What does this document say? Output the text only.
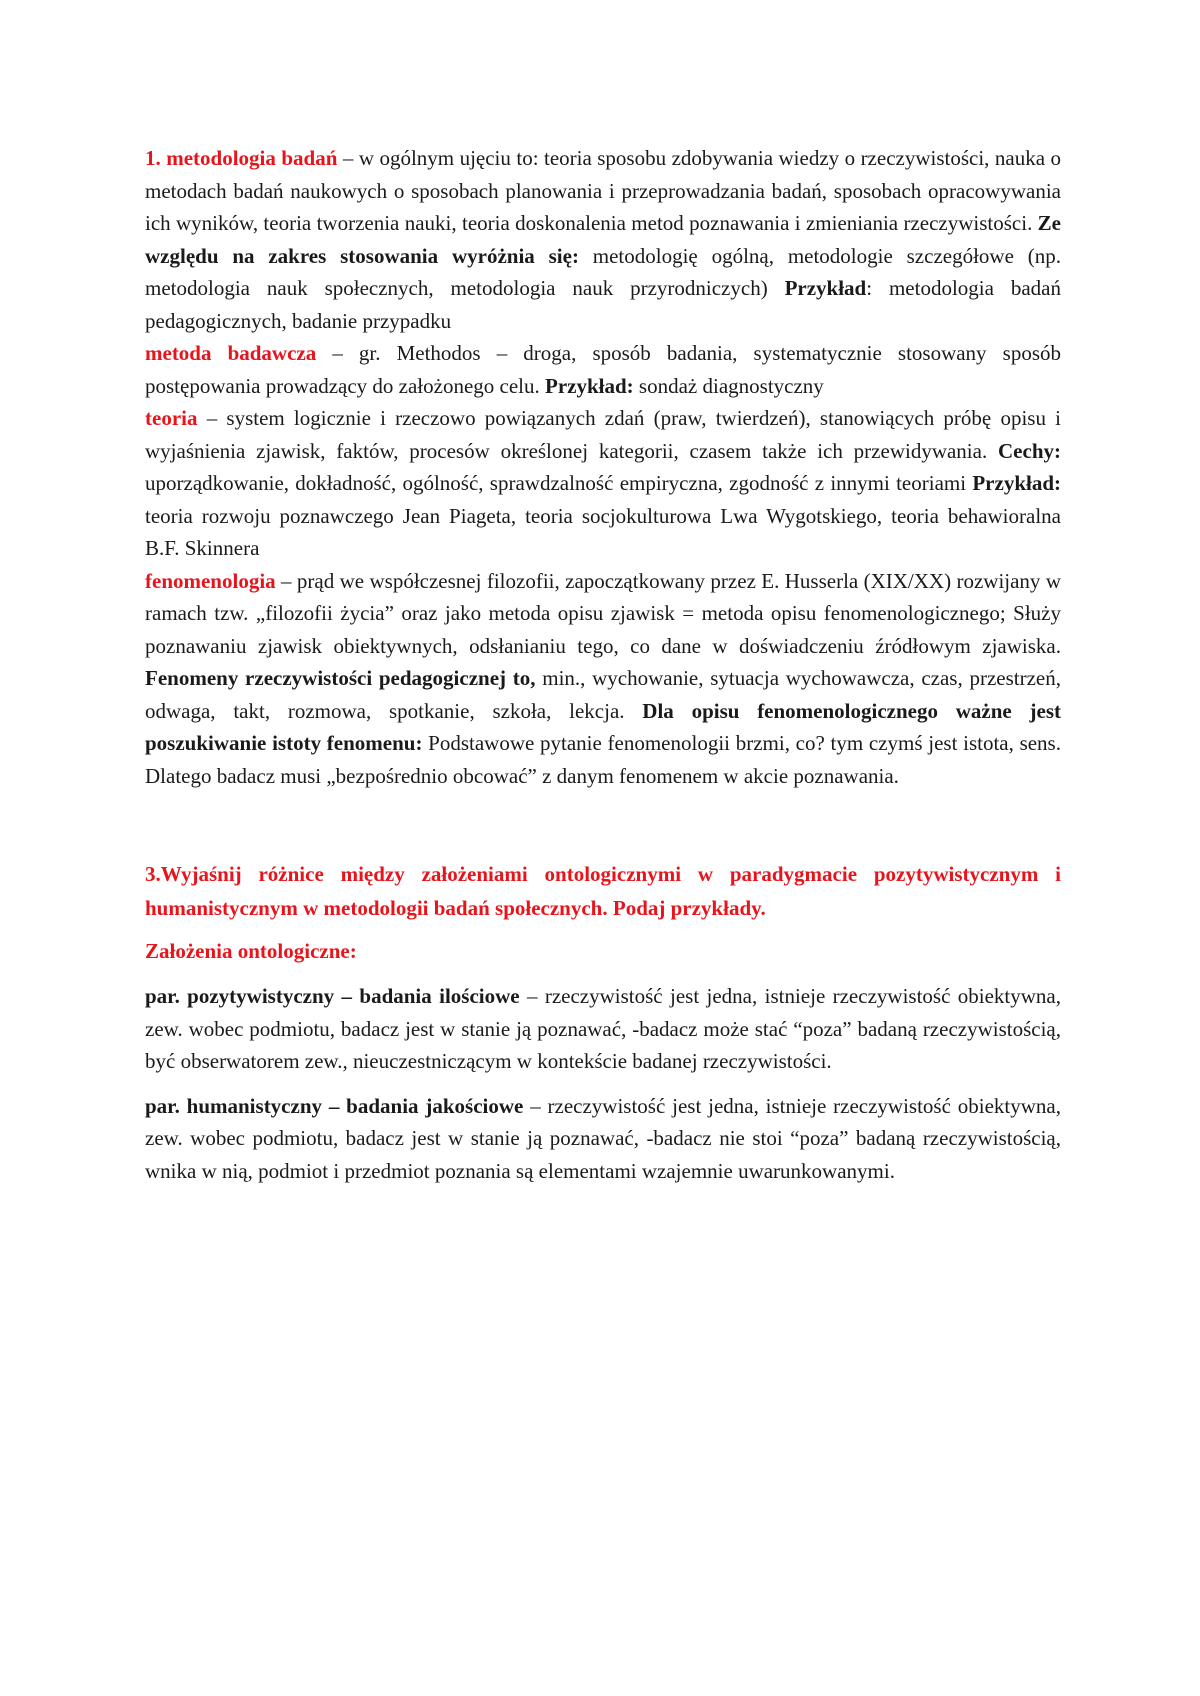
1. metodologia badań – w ogólnym ujęciu to: teoria sposobu zdobywania wiedzy o rzeczywistości, nauka o metodach badań naukowych o sposobach planowania i przeprowadzania badań, sposobach opracowywania ich wyników, teoria tworzenia nauki, teoria doskonalenia metod poznawania i zmieniania rzeczywistości. Ze względu na zakres stosowania wyróżnia się: metodologię ogólną, metodologie szczegółowe (np. metodologia nauk społecznych, metodologia nauk przyrodniczych) Przykład: metodologia badań pedagogicznych, badanie przypadku

metoda badawcza – gr. Methodos – droga, sposób badania, systematycznie stosowany sposób postępowania prowadzący do założonego celu. Przykład: sondaż diagnostyczny

teoria – system logicznie i rzeczowo powiązanych zdań (praw, twierdzeń), stanowiących próbę opisu i wyjaśnienia zjawisk, faktów, procesów określonej kategorii, czasem także ich przewidywania. Cechy: uporządkowanie, dokładność, ogólność, sprawdzalność empiryczna, zgodność z innymi teoriami Przykład: teoria rozwoju poznawczego Jean Piageta, teoria socjokulturowa Lwa Wygotskiego, teoria behawioralna B.F. Skinnera

fenomenologia – prąd we współczesnej filozofii, zapoczątkowany przez E. Husserla (XIX/XX) rozwijany w ramach tzw. „filozofii życia” oraz jako metoda opisu zjawisk = metoda opisu fenomenologicznego; Służy poznawaniu zjawisk obiektywnych, odsłanianiu tego, co dane w doświadczeniu źródłowym zjawiska. Fenomeny rzeczywistości pedagogicznej to, min., wychowanie, sytuacja wychowawcza, czas, przestrzeń, odwaga, takt, rozmowa, spotkanie, szkoła, lekcja. Dla opisu fenomenologicznego ważne jest poszukiwanie istoty fenomenu: Podstawowe pytanie fenomenologii brzmi, co? tym czymś jest istota, sens. Dlatego badacz musi „bezpośrednio obcować” z danym fenomenem w akcie poznawania.

3.Wyjaśnij różnice między założeniami ontologicznymi w paradygmacie pozytywistycznym i humanistycznym w metodologii badań społecznych. Podaj przykłady.

Założenia ontologiczne:

par. pozytywistyczny – badania ilościowe – rzeczywistość jest jedna, istnieje rzeczywistość obiektywna, zew. wobec podmiotu, badacz jest w stanie ją poznawać, -badacz może stać “poza” badaną rzeczywistością, być obserwatorem zew., nieuczestniczącym w kontekście badanej rzeczywistości.

par. humanistyczny – badania jakościowe – rzeczywistość jest jedna, istnieje rzeczywistość obiektywna, zew. wobec podmiotu, badacz jest w stanie ją poznawać, -badacz nie stoi “poza” badaną rzeczywistością, wnika w nią, podmiot i przedmiot poznania są elementami wzajemnie uwarunkowanymi.
